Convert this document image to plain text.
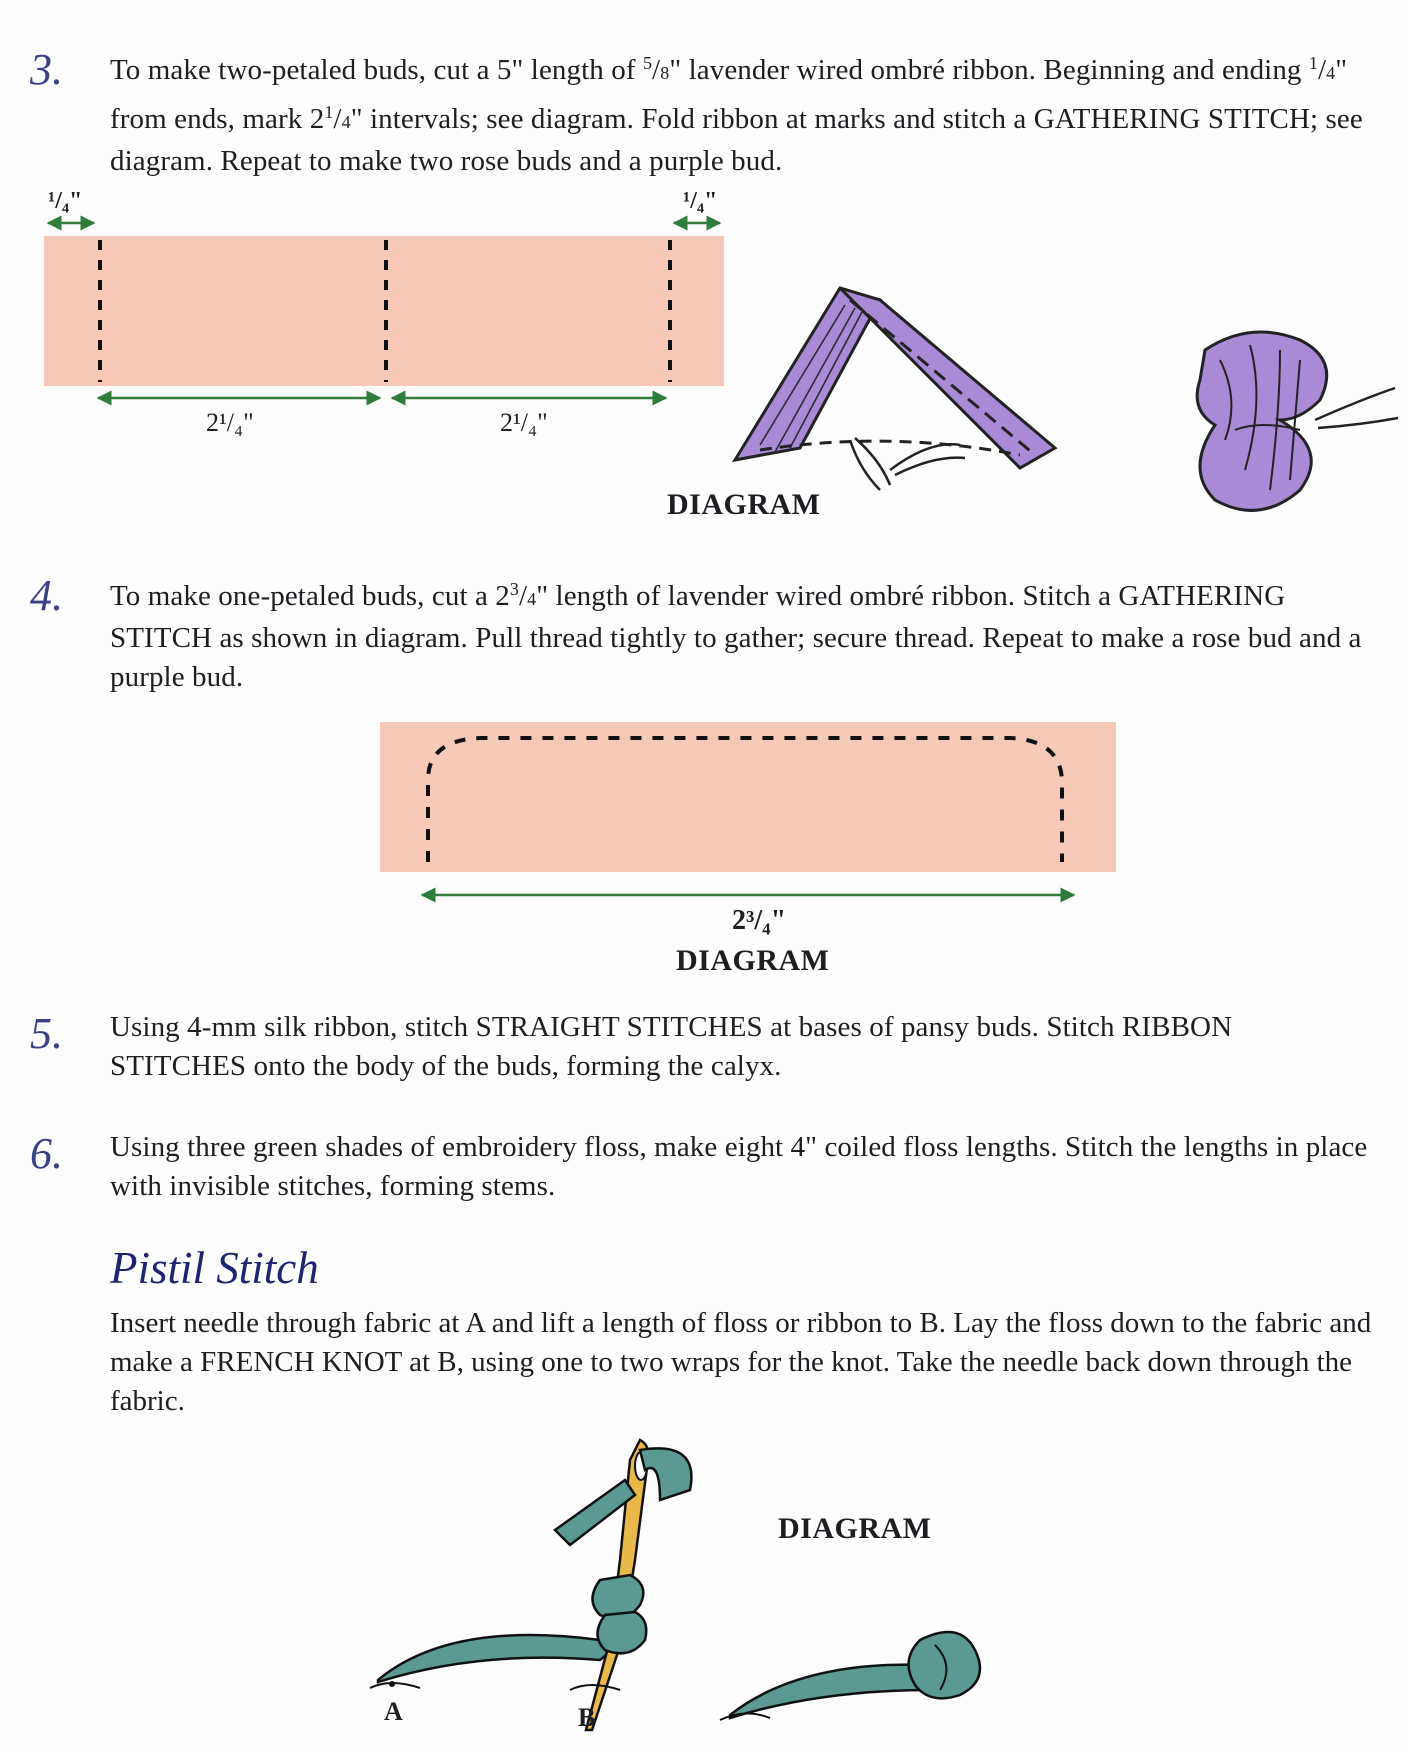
3. To make two-petaled buds, cut a 5" length of $^5$/8" lavender wired ombré ribbon. Beginning and ending $^1$/4" from ends, mark $2^1/4$" intervals; see diagram. Fold ribbon at marks and stitch a GATHERING STITCH; see diagram. Repeat to make two rose buds and a purple bud.
¹/₄"	¹/₄"
2¹/₄"	2¹/₄"
DIAGRAM
4. To make one-petaled buds, cut a $2^3/4$" length of lavender wired ombré ribbon. Stitch a GATHERING STITCH as shown in diagram. Pull thread tightly to gather; secure thread. Repeat to make a rose bud and a purple bud.
2³/₄"
DIAGRAM
5. Using 4-mm silk ribbon, stitch STRAIGHT STITCHES at bases of pansy buds. Stitch RIBBON STITCHES onto the body of the buds, forming the calyx.
6. Using three green shades of embroidery floss, make eight 4" coiled floss lengths. Stitch the lengths in place with invisible stitches, forming stems.
Pistil Stitch
Insert needle through fabric at A and lift a length of floss or ribbon to B. Lay the floss down to the fabric and make a FRENCH KNOT at B, using one to two wraps for the knot. Take the needle back down through the fabric.
DIAGRAM
A	B
